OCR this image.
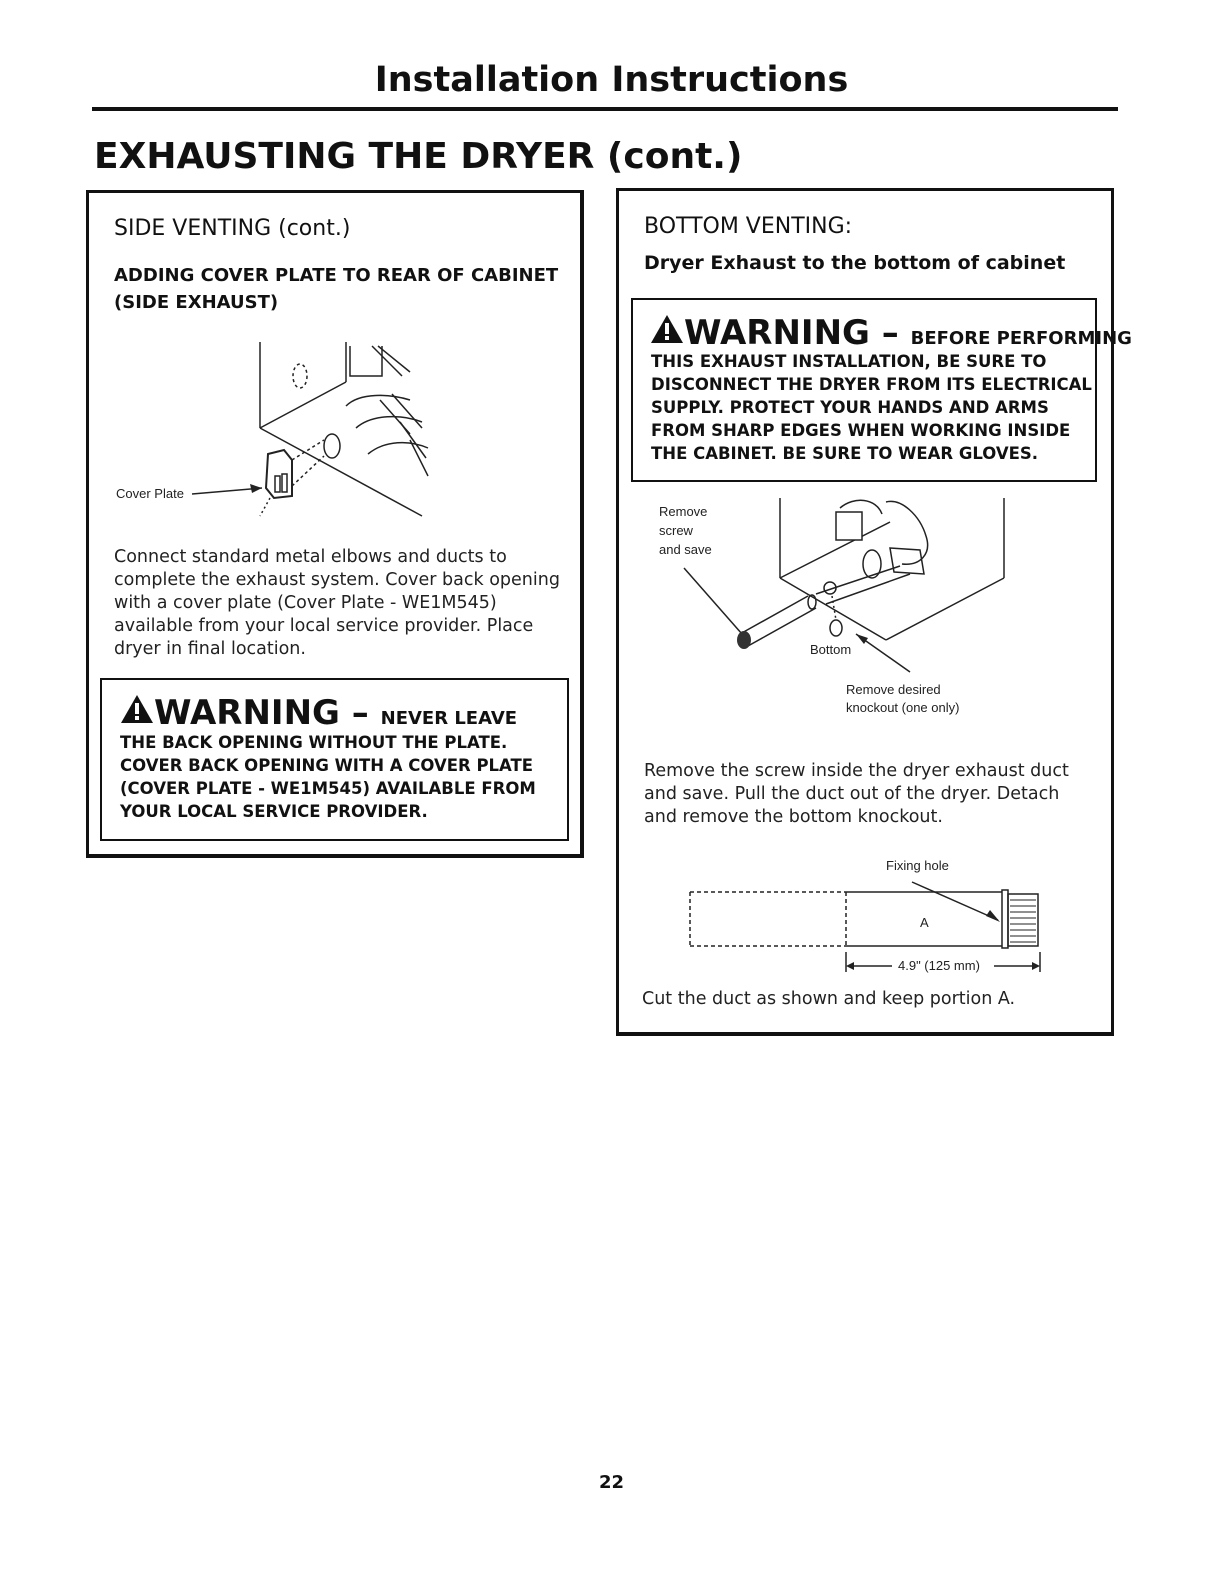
Installation Instructions
EXHAUSTING THE DRYER (cont.)
SIDE VENTING (cont.)
ADDING COVER PLATE TO REAR OF CABINET
(SIDE EXHAUST)
Cover Plate
Connect standard metal elbows and ducts to
complete the exhaust system. Cover back opening
with a cover plate (Cover Plate - WE1M545)
available from your local service provider. Place
dryer in final location.
WARNING – NEVER LEAVE
THE BACK OPENING WITHOUT THE PLATE.
COVER BACK OPENING WITH A COVER PLATE
(COVER PLATE - WE1M545) AVAILABLE FROM
YOUR LOCAL SERVICE PROVIDER.
BOTTOM VENTING:
Dryer Exhaust to the bottom of cabinet
WARNING – BEFORE PERFORMING
THIS EXHAUST INSTALLATION, BE SURE TO
DISCONNECT THE DRYER FROM ITS ELECTRICAL
SUPPLY. PROTECT YOUR HANDS AND ARMS
FROM SHARP EDGES WHEN WORKING INSIDE
THE CABINET. BE SURE TO WEAR GLOVES.
Remove
screw
and save
Bottom
Remove desired
knockout (one only)
Remove the screw inside the dryer exhaust duct
and save. Pull the duct out of the dryer. Detach
and remove the bottom knockout.
Fixing hole
A
4.9" (125 mm)
Cut the duct as shown and keep portion A.
22
